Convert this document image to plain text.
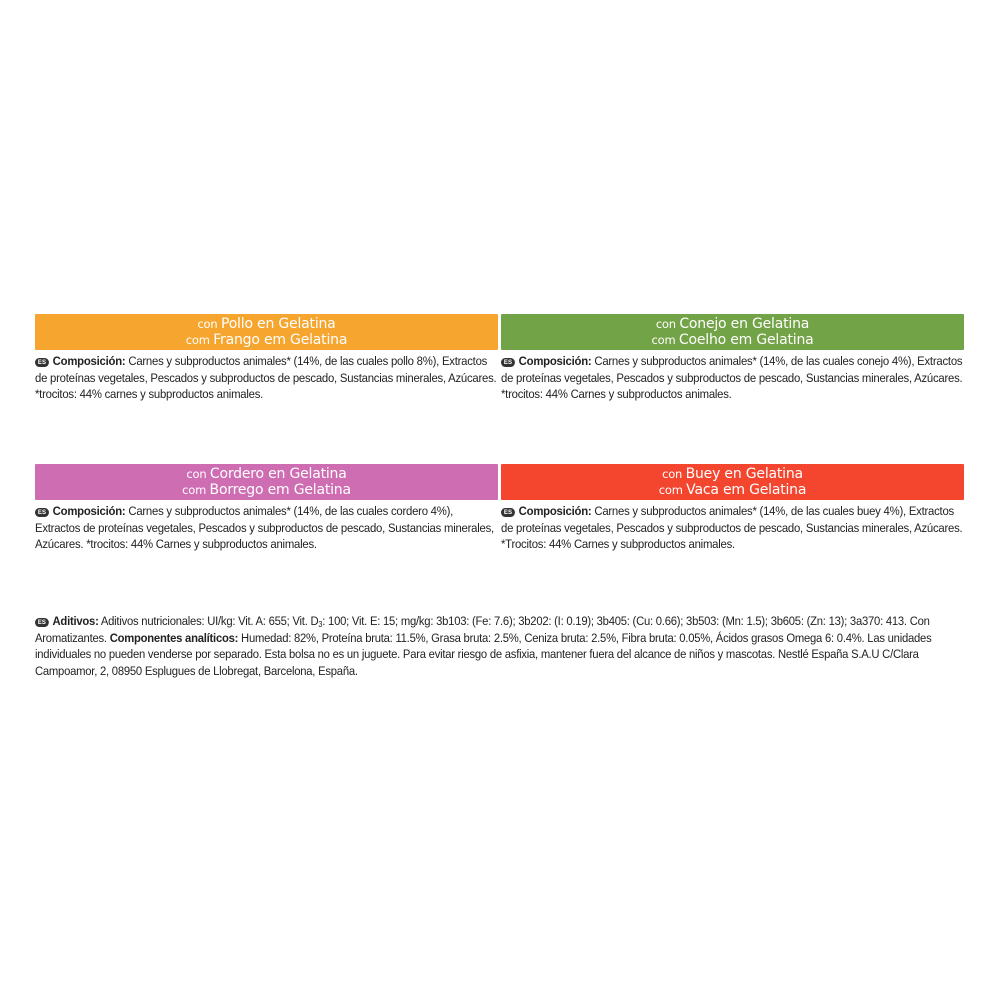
con Pollo en Gelatina
com Frango em Gelatina
ES Composición: Carnes y subproductos animales* (14%, de las cuales pollo 8%), Extractos de proteínas vegetales, Pescados y subproductos de pescado, Sustancias minerales, Azúcares. *trocitos: 44% carnes y subproductos animales.
con Conejo en Gelatina
com Coelho em Gelatina
ES Composición: Carnes y subproductos animales* (14%, de las cuales conejo 4%), Extractos de proteínas vegetales, Pescados y subproductos de pescado, Sustancias minerales, Azúcares. *trocitos: 44% Carnes y subproductos animales.
con Cordero en Gelatina
com Borrego em Gelatina
ES Composición: Carnes y subproductos animales* (14%, de las cuales cordero 4%), Extractos de proteínas vegetales, Pescados y subproductos de pescado, Sustancias minerales, Azúcares. *trocitos: 44% Carnes y subproductos animales.
con Buey en Gelatina
com Vaca em Gelatina
ES Composición: Carnes y subproductos animales* (14%, de las cuales buey 4%), Extractos de proteínas vegetales, Pescados y subproductos de pescado, Sustancias minerales, Azúcares. *Trocitos: 44% Carnes y subproductos animales.
ES Aditivos: Aditivos nutricionales: UI/kg: Vit. A: 655; Vit. $D_3$: 100; Vit. E: 15; mg/kg: 3b103: (Fe: 7.6); 3b202: (I: 0.19); 3b405: (Cu: 0.66); 3b503: (Mn: 1.5); 3b605: (Zn: 13); 3a370: 413. Con Aromatizantes. Componentes analíticos: Humedad: 82%, Proteína bruta: 11.5%, Grasa bruta: 2.5%, Ceniza bruta: 2.5%, Fibra bruta: 0.05%, Ácidos grasos Omega 6: 0.4%. Las unidades individuales no pueden venderse por separado. Esta bolsa no es un juguete. Para evitar riesgo de asfixia, mantener fuera del alcance de niños y mascotas. Nestlé España S.A.U C/Clara Campoamor, 2, 08950 Esplugues de Llobregat, Barcelona, España.
